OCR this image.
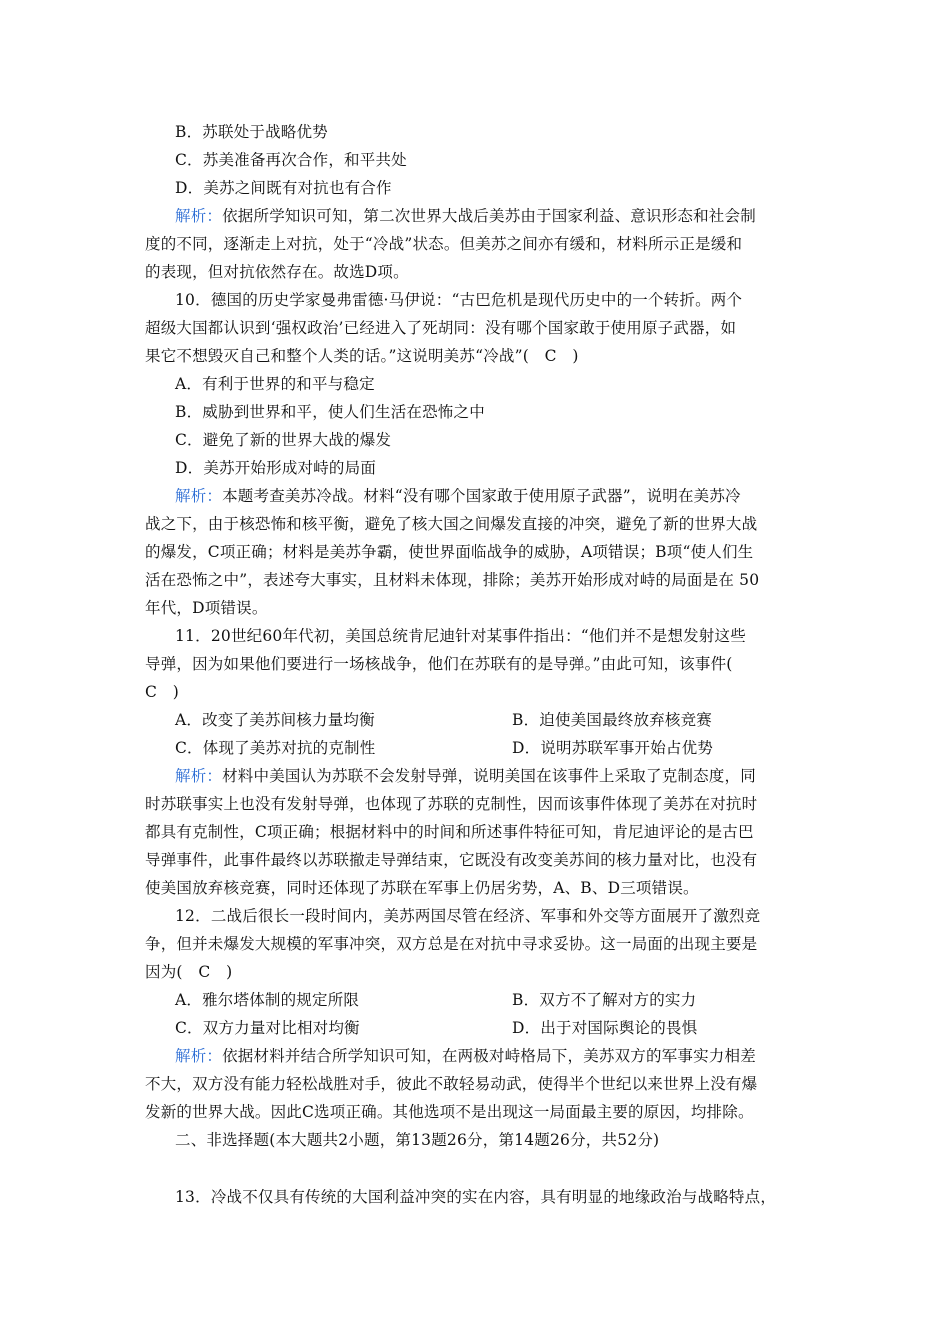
B．苏联处于战略优势
C．苏美准备再次合作，和平共处
D．美苏之间既有对抗也有合作
解析：依据所学知识可知，第二次世界大战后美苏由于国家利益、意识形态和社会制
度的不同，逐渐走上对抗，处于“冷战”状态。但美苏之间亦有缓和，材料所示正是缓和
的表现，但对抗依然存在。故选D项。
10．德国的历史学家曼弗雷德·马伊说：“古巴危机是现代历史中的一个转折。两个
超级大国都认识到‘强权政治’已经进入了死胡同：没有哪个国家敢于使用原子武器，如
果它不想毁灭自己和整个人类的话。”这说明美苏“冷战”(　C　)
A．有利于世界的和平与稳定
B．威胁到世界和平，使人们生活在恐怖之中
C．避免了新的世界大战的爆发
D．美苏开始形成对峙的局面
解析：本题考查美苏冷战。材料“没有哪个国家敢于使用原子武器”，说明在美苏冷
战之下，由于核恐怖和核平衡，避免了核大国之间爆发直接的冲突，避免了新的世界大战
的爆发，C项正确；材料是美苏争霸，使世界面临战争的威胁，A项错误；B项“使人们生
活在恐怖之中”，表述夸大事实，且材料未体现，排除；美苏开始形成对峙的局面是在 50
年代，D项错误。
11．20世纪60年代初，美国总统肯尼迪针对某事件指出：“他们并不是想发射这些
导弹，因为如果他们要进行一场核战争，他们在苏联有的是导弹。”由此可知，该事件(
C　)
A．改变了美苏间核力量均衡	B．迫使美国最终放弃核竞赛
C．体现了美苏对抗的克制性	D．说明苏联军事开始占优势
解析：材料中美国认为苏联不会发射导弹，说明美国在该事件上采取了克制态度，同
时苏联事实上也没有发射导弹，也体现了苏联的克制性，因而该事件体现了美苏在对抗时
都具有克制性，C项正确；根据材料中的时间和所述事件特征可知，肯尼迪评论的是古巴
导弹事件，此事件最终以苏联撤走导弹结束，它既没有改变美苏间的核力量对比，也没有
使美国放弃核竞赛，同时还体现了苏联在军事上仍居劣势，A、B、D三项错误。
12．二战后很长一段时间内，美苏两国尽管在经济、军事和外交等方面展开了激烈竞
争，但并未爆发大规模的军事冲突，双方总是在对抗中寻求妥协。这一局面的出现主要是
因为(　C　)
A．雅尔塔体制的规定所限	B．双方不了解对方的实力
C．双方力量对比相对均衡	D．出于对国际舆论的畏惧
解析：依据材料并结合所学知识可知，在两极对峙格局下，美苏双方的军事实力相差
不大，双方没有能力轻松战胜对手，彼此不敢轻易动武，使得半个世纪以来世界上没有爆
发新的世界大战。因此C选项正确。其他选项不是出现这一局面最主要的原因，均排除。
二、非选择题(本大题共2小题，第13题26分，第14题26分，共52分)
13．冷战不仅具有传统的大国利益冲突的实在内容，具有明显的地缘政治与战略特点，
